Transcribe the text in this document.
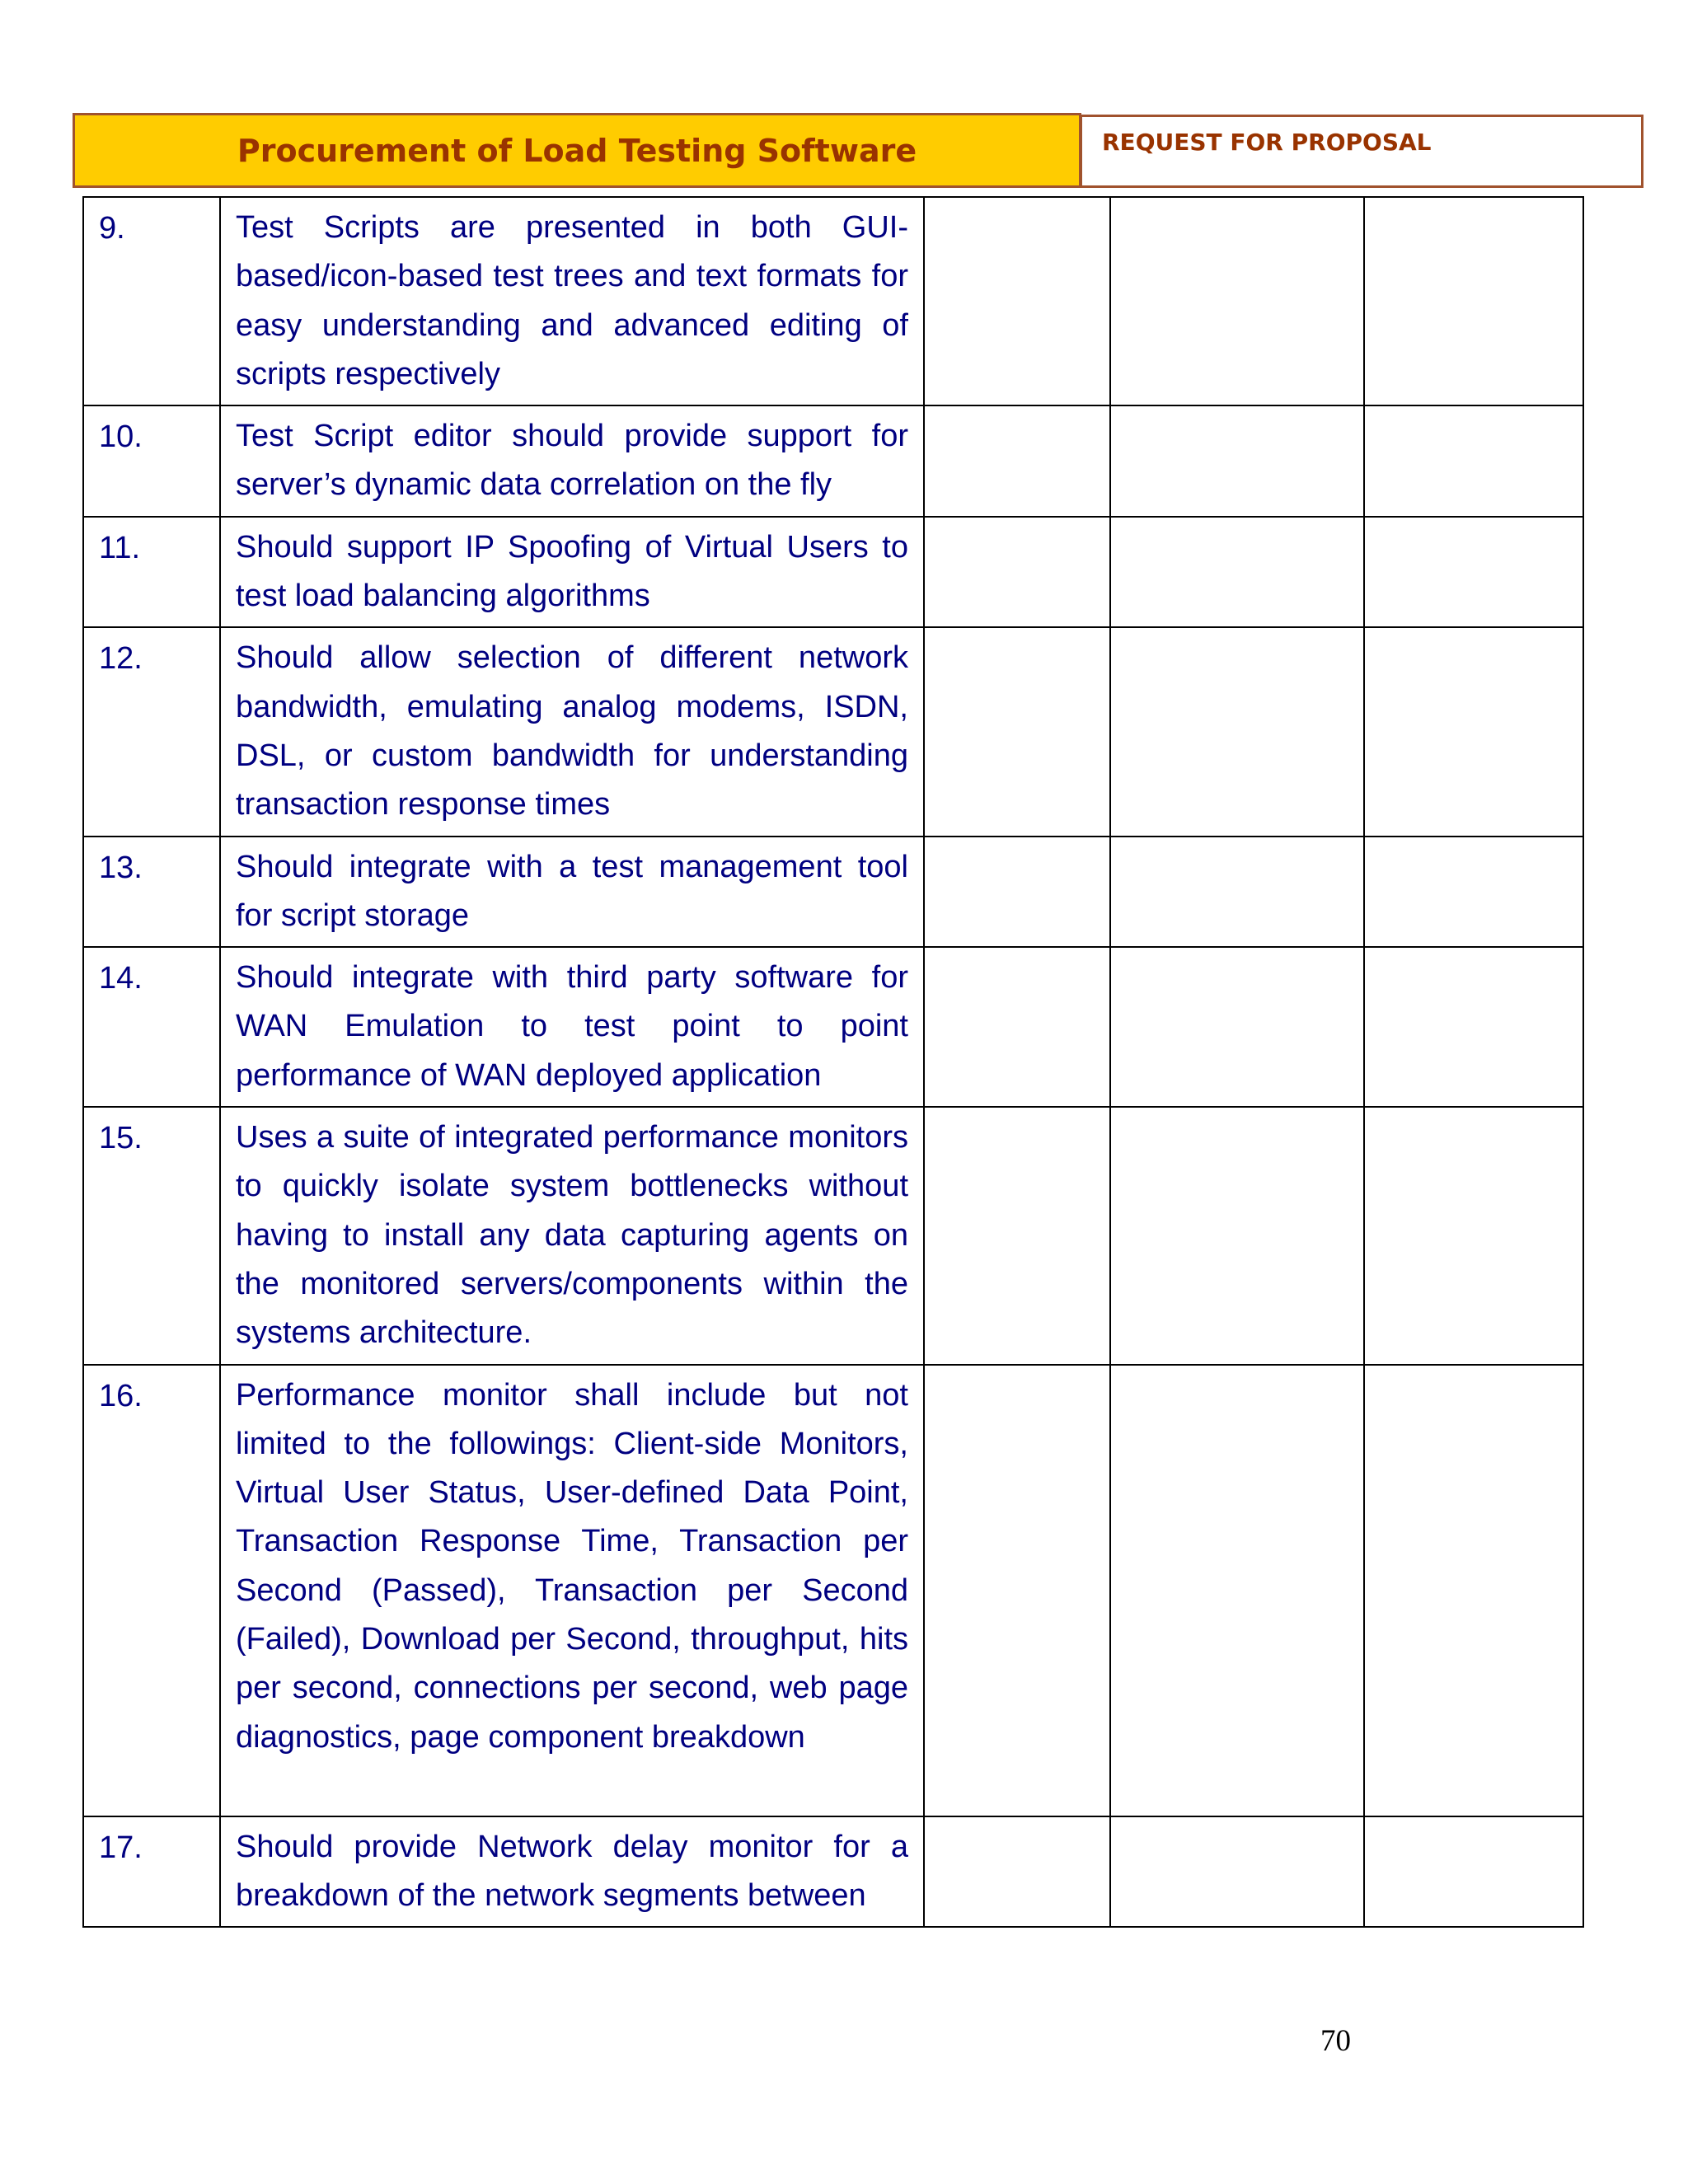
Procurement of Load Testing Software	REQUEST FOR PROPOSAL
9.	Test Scripts are presented in both GUI-based/icon-based test trees and text formats for easy understanding and advanced editing of scripts respectively			
10.	Test Script editor should provide support for server’s dynamic data correlation on the fly			
11.	Should support IP Spoofing of Virtual Users to test load balancing algorithms			
12.	Should allow selection of different network bandwidth, emulating analog modems, ISDN, DSL, or custom bandwidth for understanding transaction response times			
13.	Should integrate with a test management tool for script storage			
14.	Should integrate with third party software for WAN Emulation to test point to point performance of WAN deployed application			
15.	Uses a suite of integrated performance monitors to quickly isolate system bottlenecks without having to install any data capturing agents on the monitored servers/components within the systems architecture.			
16.	Performance monitor shall include but not limited to the followings: Client-side Monitors, Virtual User Status, User-defined Data Point, Transaction Response Time, Transaction per Second (Passed), Transaction per Second (Failed), Download per Second, throughput, hits per second, connections per second, web page diagnostics, page component breakdown			
17.	Should provide Network delay monitor for a breakdown of the network segments between			
70
